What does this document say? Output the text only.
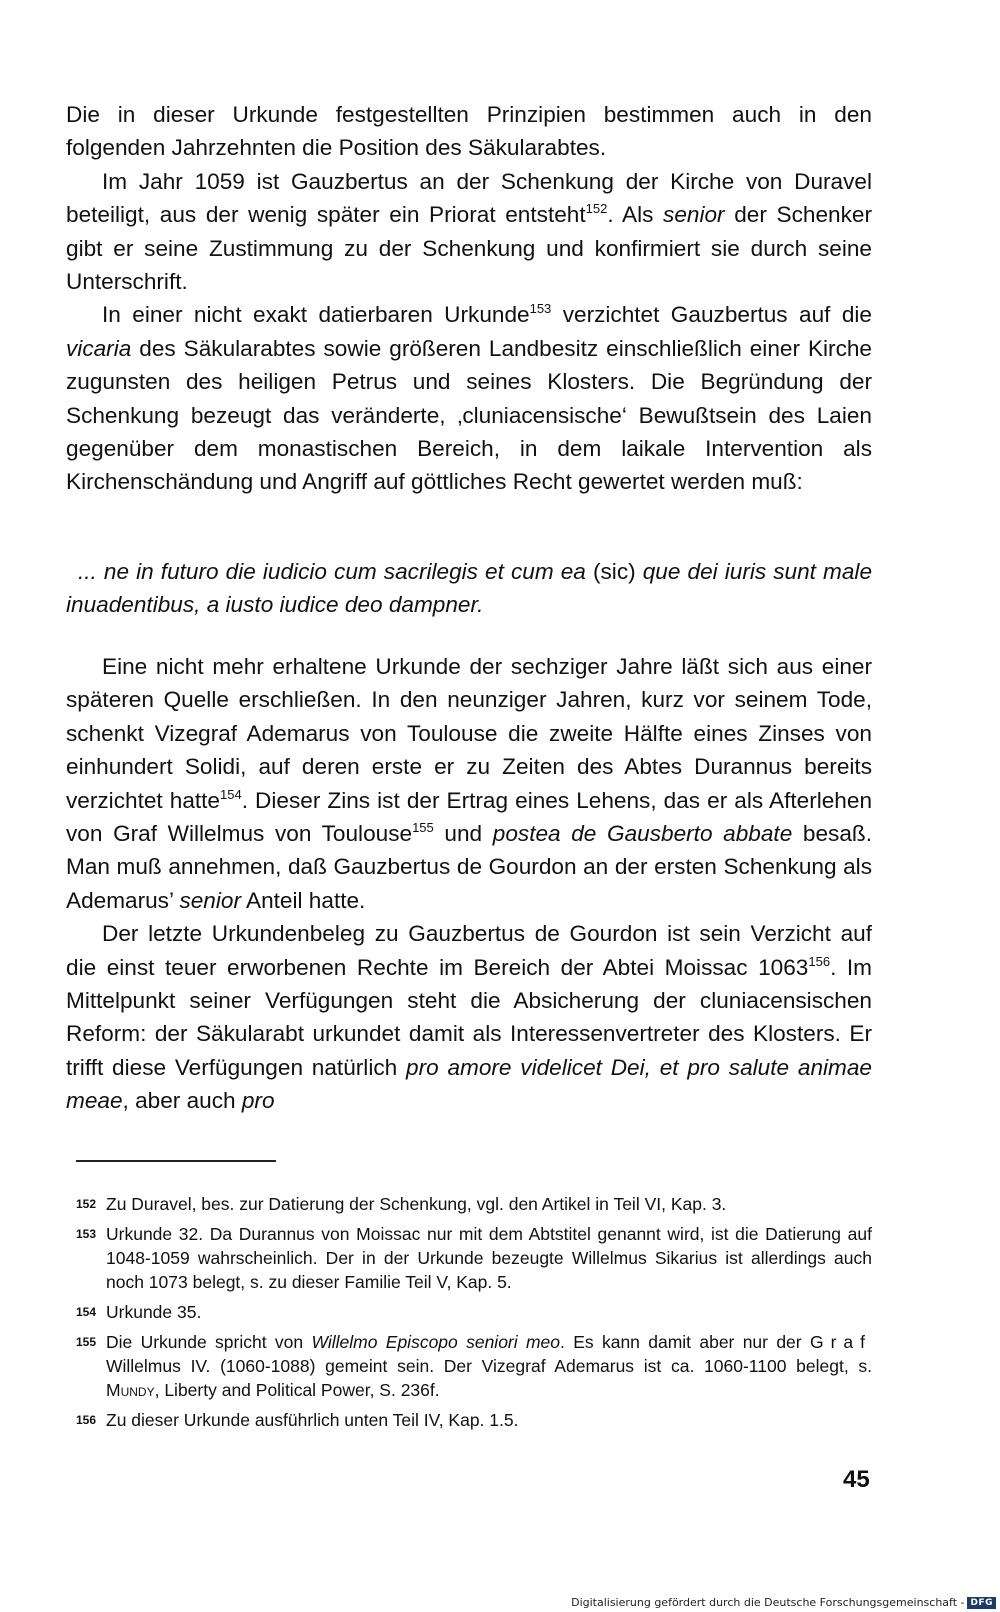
Die in dieser Urkunde festgestellten Prinzipien bestimmen auch in den folgenden Jahrzehnten die Position des Säkularabtes.

Im Jahr 1059 ist Gauzbertus an der Schenkung der Kirche von Duravel beteiligt, aus der wenig später ein Priorat entsteht$^{152}$. Als senior der Schenker gibt er seine Zustimmung zu der Schenkung und konfirmiert sie durch seine Unterschrift.

In einer nicht exakt datierbaren Urkunde$^{153}$ verzichtet Gauzbertus auf die vicaria des Säkularabtes sowie größeren Landbesitz einschließlich einer Kirche zugunsten des heiligen Petrus und seines Klosters. Die Begründung der Schenkung bezeugt das veränderte, ‚cluniacensische‘ Bewußtsein des Laien gegenüber dem monastischen Bereich, in dem laikale Intervention als Kirchenschändung und Angriff auf göttliches Recht gewertet werden muß:

... ne in futuro die iudicio cum sacrilegis et cum ea (sic) que dei iuris sunt male inuadentibus, a iusto iudice deo dampner.

Eine nicht mehr erhaltene Urkunde der sechziger Jahre läßt sich aus einer späteren Quelle erschließen. In den neunziger Jahren, kurz vor seinem Tode, schenkt Vizegraf Ademarus von Toulouse die zweite Hälfte eines Zinses von einhundert Solidi, auf deren erste er zu Zeiten des Abtes Durannus bereits verzichtet hatte$^{154}$. Dieser Zins ist der Ertrag eines Lehens, das er als Afterlehen von Graf Willelmus von Toulouse$^{155}$ und postea de Gausberto abbate besaß. Man muß annehmen, daß Gauzbertus de Gourdon an der ersten Schenkung als Ademarus’ senior Anteil hatte.

Der letzte Urkundenbeleg zu Gauzbertus de Gourdon ist sein Verzicht auf die einst teuer erworbenen Rechte im Bereich der Abtei Moissac 1063$^{156}$. Im Mittelpunkt seiner Verfügungen steht die Absicherung der cluniacensischen Reform: der Säkularabt urkundet damit als Interessenvertreter des Klosters. Er trifft diese Verfügungen natürlich pro amore videlicet Dei, et pro salute animae meae, aber auch pro

152 Zu Duravel, bes. zur Datierung der Schenkung, vgl. den Artikel in Teil VI, Kap. 3.
153 Urkunde 32. Da Durannus von Moissac nur mit dem Abtstitel genannt wird, ist die Datierung auf 1048-1059 wahrscheinlich. Der in der Urkunde bezeugte Willelmus Sikarius ist allerdings auch noch 1073 belegt, s. zu dieser Familie Teil V, Kap. 5.
154 Urkunde 35.
155 Die Urkunde spricht von Willelmo Episcopo seniori meo. Es kann damit aber nur der Graf Willelmus IV. (1060-1088) gemeint sein. Der Vizegraf Ademarus ist ca. 1060-1100 belegt, s. Mundy, Liberty and Political Power, S. 236f.
156 Zu dieser Urkunde ausführlich unten Teil IV, Kap. 1.5.
45
Digitalisierung gefördert durch die Deutsche Forschungsgemeinschaft - DFG
